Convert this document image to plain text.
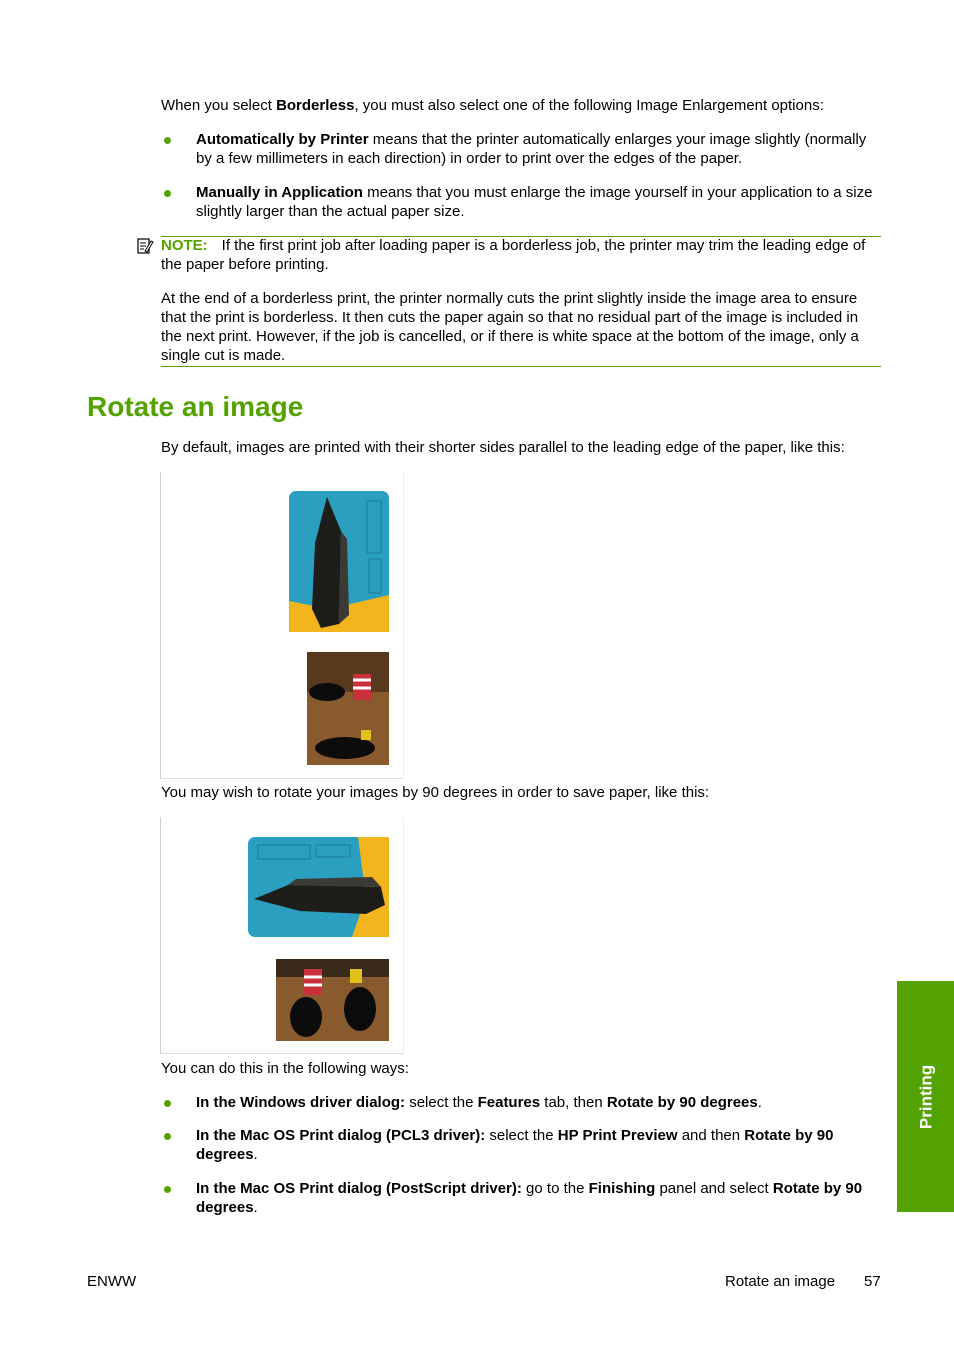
When you select Borderless, you must also select one of the following Image Enlargement options:

Automatically by Printer means that the printer automatically enlarges your image slightly (normally by a few millimeters in each direction) in order to print over the edges of the paper.

Manually in Application means that you must enlarge the image yourself in your application to a size slightly larger than the actual paper size.

NOTE: If the first print job after loading paper is a borderless job, the printer may trim the leading edge of the paper before printing.

At the end of a borderless print, the printer normally cuts the print slightly inside the image area to ensure that the print is borderless. It then cuts the paper again so that no residual part of the image is included in the next print. However, if the job is cancelled, or if there is white space at the bottom of the image, only a single cut is made.

Rotate an image

By default, images are printed with their shorter sides parallel to the leading edge of the paper, like this:

You may wish to rotate your images by 90 degrees in order to save paper, like this:

You can do this in the following ways:

In the Windows driver dialog: select the Features tab, then Rotate by 90 degrees.

In the Mac OS Print dialog (PCL3 driver): select the HP Print Preview and then Rotate by 90 degrees.

In the Mac OS Print dialog (PostScript driver): go to the Finishing panel and select Rotate by 90 degrees.

Printing
ENWW	Rotate an image 57
